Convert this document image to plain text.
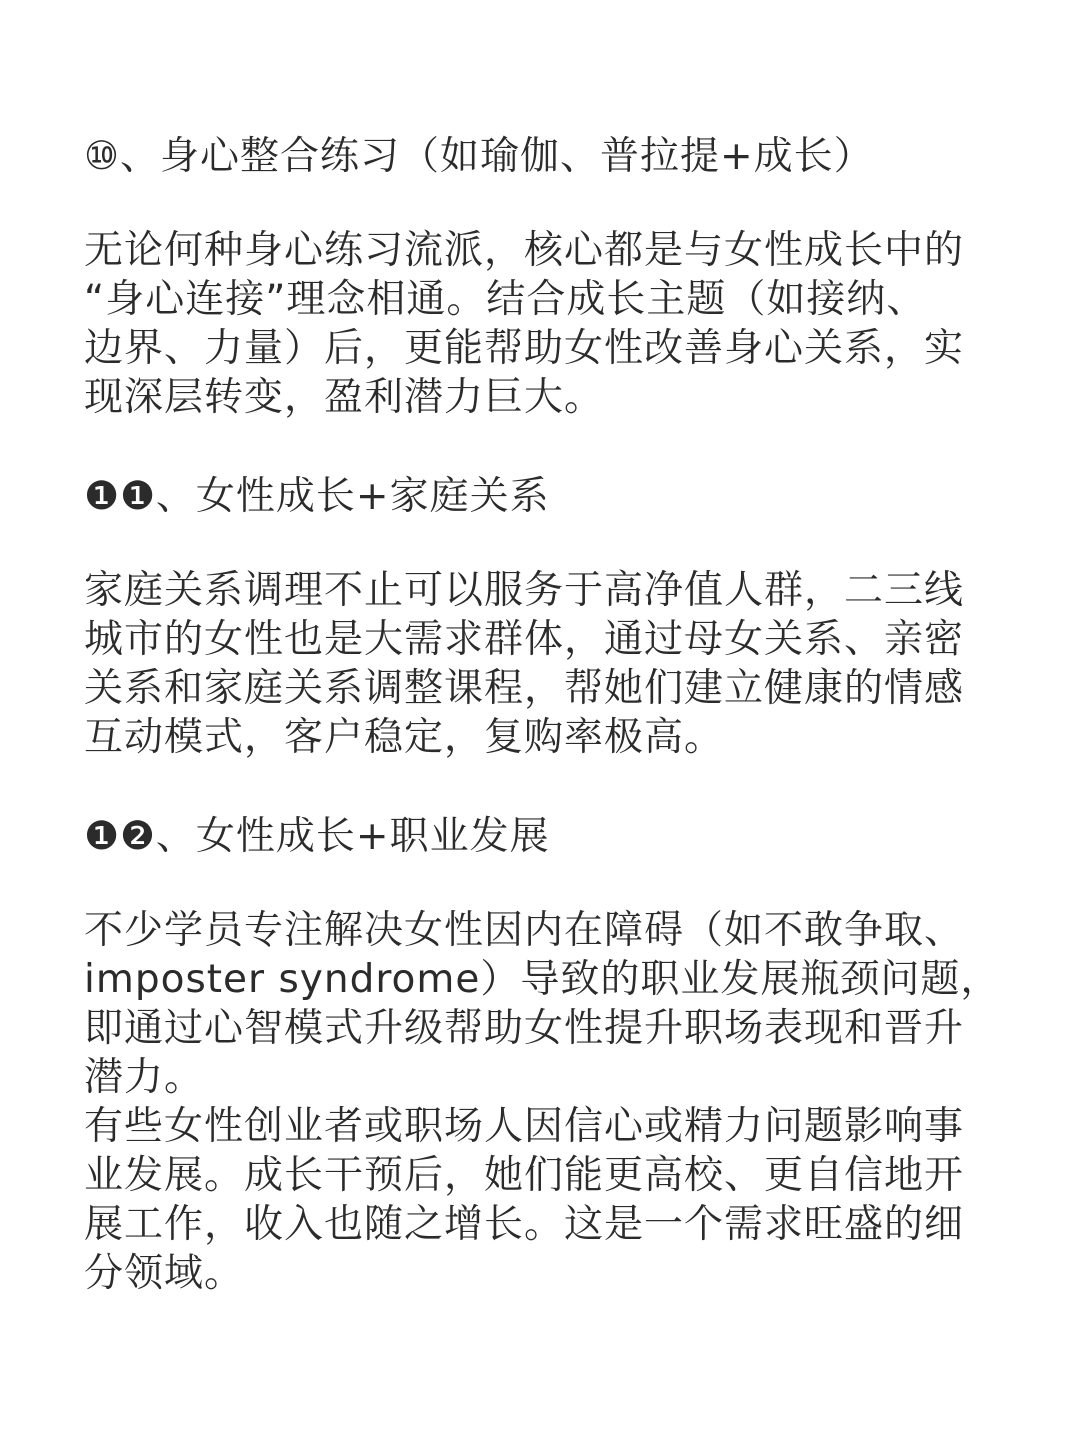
⑩、身心整合练习（如瑜伽、普拉提+成长）

无论何种身心练习流派，核心都是与女性成长中的
“身心连接”理念相通。结合成长主题（如接纳、
边界、力量）后，更能帮助女性改善身心关系，实
现深层转变，盈利潜力巨大。

❶❶、女性成长+家庭关系

家庭关系调理不止可以服务于高净值人群，二三线
城市的女性也是大需求群体，通过母女关系、亲密
关系和家庭关系调整课程，帮她们建立健康的情感
互动模式，客户稳定，复购率极高。

❶❷、女性成长+职业发展

不少学员专注解决女性因内在障碍（如不敢争取、
imposter syndrome）导致的职业发展瓶颈问题，
即通过心智模式升级帮助女性提升职场表现和晋升
潜力。
有些女性创业者或职场人因信心或精力问题影响事
业发展。成长干预后，她们能更高校、更自信地开
展工作，收入也随之增长。这是一个需求旺盛的细
分领域。
